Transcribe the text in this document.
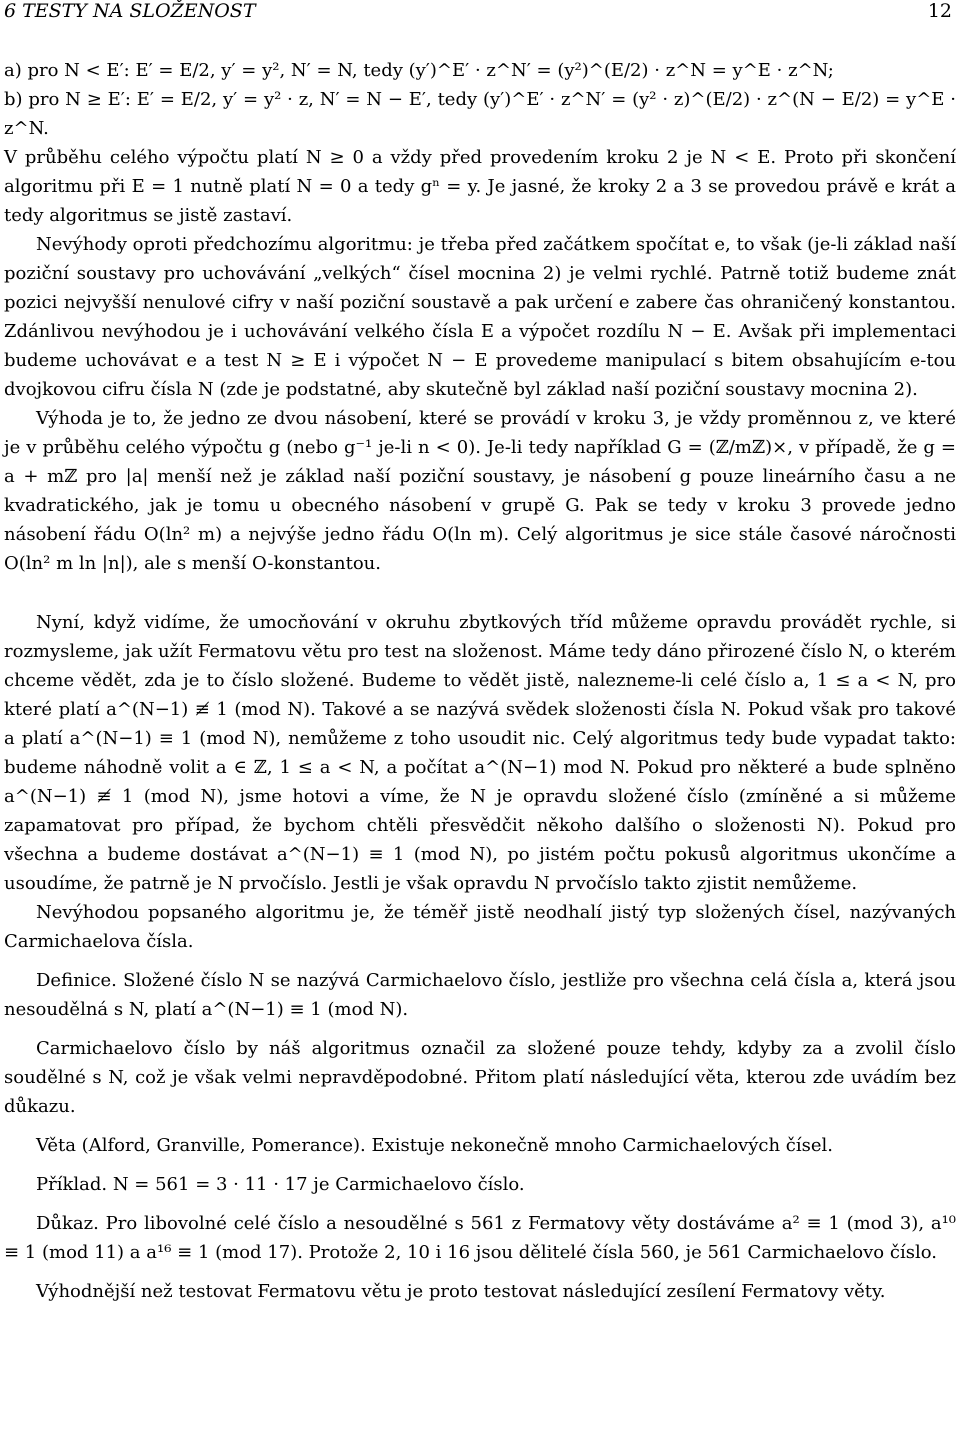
6 TESTY NA SLOŽENOST	12

a) pro N < E′: E′ = E/2, y′ = y², N′ = N, tedy (y′)^E′ · z^N′ = (y²)^(E/2) · z^N = y^E · z^N;

b) pro N ≥ E′: E′ = E/2, y′ = y² · z, N′ = N − E′, tedy (y′)^E′ · z^N′ = (y² · z)^(E/2) · z^(N − E/2) = y^E · z^N.

V průběhu celého výpočtu platí N ≥ 0 a vždy před provedením kroku 2 je N < E. Proto při skončení algoritmu při E = 1 nutně platí N = 0 a tedy gⁿ = y. Je jasné, že kroky 2 a 3 se provedou právě e krát a tedy algoritmus se jistě zastaví.

Nevýhody oproti předchozímu algoritmu: je třeba před začátkem spočítat e, to však (je-li základ naší poziční soustavy pro uchovávání „velkých“ čísel mocnina 2) je velmi rychlé. Patrně totiž budeme znát pozici nejvyšší nenulové cifry v naší poziční soustavě a pak určení e zabere čas ohraničený konstantou. Zdánlivou nevýhodou je i uchovávání velkého čísla E a výpočet rozdílu N − E. Avšak při implementaci budeme uchovávat e a test N ≥ E i výpočet N − E provedeme manipulací s bitem obsahujícím e-tou dvojkovou cifru čísla N (zde je podstatné, aby skutečně byl základ naší poziční soustavy mocnina 2).

Výhoda je to, že jedno ze dvou násobení, které se provádí v kroku 3, je vždy proměnnou z, ve které je v průběhu celého výpočtu g (nebo g⁻¹ je-li n < 0). Je-li tedy například G = (ℤ/mℤ)×, v případě, že g = a + mℤ pro |a| menší než je základ naší poziční soustavy, je násobení g pouze lineárního času a ne kvadratického, jak je tomu u obecného násobení v grupě G. Pak se tedy v kroku 3 provede jedno násobení řádu O(ln² m) a nejvýše jedno řádu O(ln m). Celý algoritmus je sice stále časové náročnosti O(ln² m ln |n|), ale s menší O-konstantou.

Nyní, když vidíme, že umocňování v okruhu zbytkových tříd můžeme opravdu provádět rychle, si rozmysleme, jak užít Fermatovu větu pro test na složenost. Máme tedy dáno přirozené číslo N, o kterém chceme vědět, zda je to číslo složené. Budeme to vědět jistě, nalezneme-li celé číslo a, 1 ≤ a < N, pro které platí a^(N−1) ≢ 1 (mod N). Takové a se nazývá svědek složenosti čísla N. Pokud však pro takové a platí a^(N−1) ≡ 1 (mod N), nemůžeme z toho usoudit nic. Celý algoritmus tedy bude vypadat takto: budeme náhodně volit a ∈ ℤ, 1 ≤ a < N, a počítat a^(N−1) mod N. Pokud pro některé a bude splněno a^(N−1) ≢ 1 (mod N), jsme hotovi a víme, že N je opravdu složené číslo (zmíněné a si můžeme zapamatovat pro případ, že bychom chtěli přesvědčit někoho dalšího o složenosti N). Pokud pro všechna a budeme dostávat a^(N−1) ≡ 1 (mod N), po jistém počtu pokusů algoritmus ukončíme a usoudíme, že patrně je N prvočíslo. Jestli je však opravdu N prvočíslo takto zjistit nemůžeme.

Nevýhodou popsaného algoritmu je, že téměř jistě neodhalí jistý typ složených čísel, nazývaných Carmichaelova čísla.

Definice. Složené číslo N se nazývá Carmichaelovo číslo, jestliže pro všechna celá čísla a, která jsou nesoudělná s N, platí a^(N−1) ≡ 1 (mod N).

Carmichaelovo číslo by náš algoritmus označil za složené pouze tehdy, kdyby za a zvolil číslo soudělné s N, což je však velmi nepravděpodobné. Přitom platí následující věta, kterou zde uvádím bez důkazu.

Věta (Alford, Granville, Pomerance). Existuje nekonečně mnoho Carmichaelových čísel.

Příklad. N = 561 = 3 · 11 · 17 je Carmichaelovo číslo.

Důkaz. Pro libovolné celé číslo a nesoudělné s 561 z Fermatovy věty dostáváme a² ≡ 1 (mod 3), a¹⁰ ≡ 1 (mod 11) a a¹⁶ ≡ 1 (mod 17). Protože 2, 10 i 16 jsou dělitelé čísla 560, je 561 Carmichaelovo číslo.

Výhodnější než testovat Fermatovu větu je proto testovat následující zesílení Fermatovy věty.
